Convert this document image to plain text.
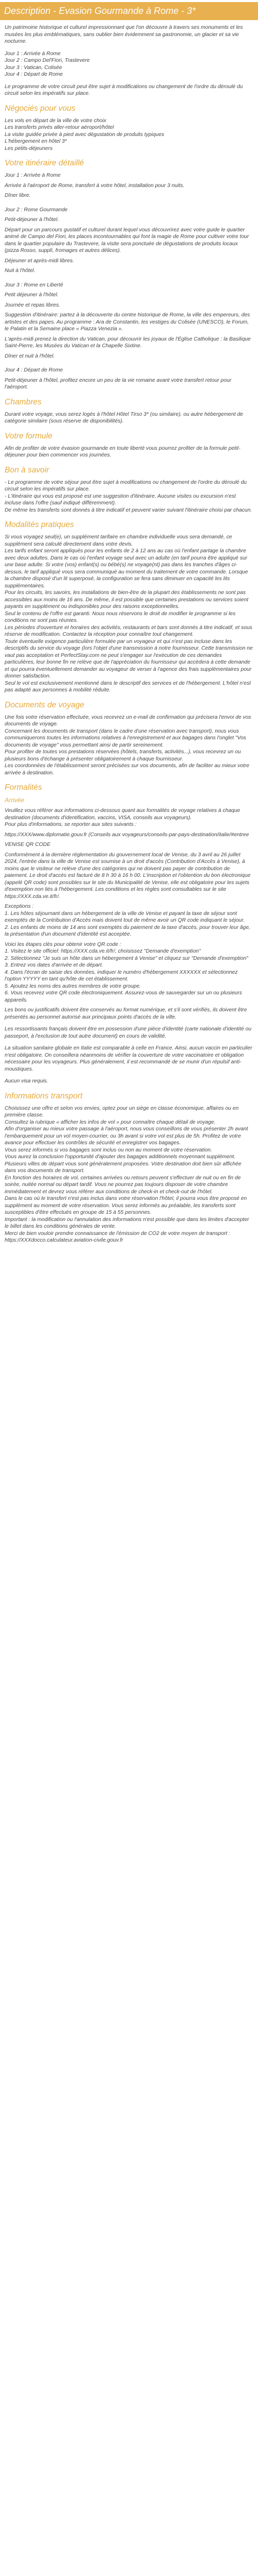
Description - Evasion Gourmande à Rome - 3*

Un patrimoine historique et culturel impressionnant que l'on découvre à travers ses monuments et les musées les plus emblématiques, sans oublier bien évidemment sa gastronomie, un glacier et sa vie nocturne.

Jour 1 : Arrivée à Rome

Jour 2 : Campo Del'Fiori, Trastevere

Jour 3 : Vatican, Colisée

Jour 4 : Départ de Rome

Le programme de votre circuit peut être sujet à modifications ou changement de l'ordre du déroulé du circuit selon les impératifs sur place.

Négociés pour vous

Les vols en départ de la ville de votre choix

Les transferts privés aller-retour aéroport/hôtel

La visite guidée privée à pied avec dégustation de produits typiques

L'hébergement en hôtel 3*

Les petits-déjeuners

Votre itinéraire détaillé

Jour 1 : Arrivée à Rome

Arrivée à l'aéroport de Rome, transfert à votre hôtel, installation pour 3 nuits.

Dîner libre.

Jour 2 : Rome Gourmande

Petit-déjeuner à l'hôtel.

Départ pour un parcours gustatif et culturel durant lequel vous découvrirez avec votre guide le quartier animé de Campo del Fiori, les places incontournables qui font la magie de Rome pour cultiver votre tour dans le quartier populaire du Trastevere, la visite sera ponctuée de dégustations de produits locaux (pizza Rosso, supplì, fromages et autres délices).

Déjeuner et après-midi libres.

Nuit à l'hôtel.

Jour 3 : Rome en Liberté

Petit déjeuner à l'hôtel.

Journée et repas libres.

Suggestion d'itinéraire: partez à la découverte du centre historique de Rome, la ville des empereurs, des artistes et des papes. Au programme : Ara de Constantin, les vestiges du Colisée (UNESCO), le Forum, le Palatin et la Semaine place « Piazza Venezia ».

L'après-midi prenez la direction du Vatican, pour découvrir les joyaux de l'Église Catholique : la Basilique Saint-Pierre, les Musées du Vatican et la Chapelle Sixtine.

Dîner et nuit à l'hôtel.

Jour 4 : Départ de Rome

Petit-déjeuner à l'hôtel, profitez encore un peu de la vie romaine avant votre transfert retour pour l'aéroport.

Chambres

Durant votre voyage, vous serez logés à l'hôtel Hôtel Tirso 3* (ou similaire). ou autre hébergement de catégorie similaire (sous réserve de disponibilités).

Votre formule

Afin de profiter de votre évasion gourmande en toute liberté vous pourrez profiter de la formule petit-déjeuner pour bien commencer vos journées.

Bon à savoir

- Le programme de votre séjour peut être sujet à modifications ou changement de l'ordre du déroulé du circuit selon les impératifs sur place.

- L'itinéraire qui vous est proposé est une suggestion d'itinéraire. Aucune visites ou excursion n'est incluse dans l'offre (sauf indiqué différemment).

De même les transferts sont donnés à titre indicatif et peuvent varier suivant l'itinéraire choisi par chacun.

Modalités pratiques

Si vous voyagez seul(e), un supplément tarifaire en chambre individuelle vous sera demandé, ce supplément sera calculé directement dans votre devis.

Les tarifs enfant seront appliqués pour les enfants de 2 à 12 ans au cas où l'enfant partage la chambre avec deux adultes. Dans le cas où l'enfant voyage seul avec un adulte (en tarif pourra être appliqué sur une base adulte. Si votre (vos) enfant(s) ou bébé(s) ne voyage(nt) pas dans les tranches d'âges ci-dessus, le tarif appliqué vous sera communiqué au moment du traitement de votre commande. Lorsque la chambre disposé d'un lit superposé, la configuration se fera sans diminuer en capacité les lits supplémentaires.

Pour les circuits, les savoirs, les installations de bien-être de la plupart des établissements ne sont pas accessibles aux moins de 16 ans. De même, il est possible que certaines prestations ou services soient payants en supplément ou indisponibles pour des raisons exceptionnelles.

Seul le contenu de l'offre est garanti. Nous nous réservons le droit de modifier le programme si les conditions ne sont pas réunies.

Les périodes d'ouverture et horaires des activités, restaurants et bars sont donnés à titre indicatif, et sous réserve de modification. Contactez la réception pour connaître tout changement.

Toute éventuelle exigence particulière formulée par un voyageur et qui n'est pas incluse dans les descriptifs du service du voyage (lors l'objet d'une transmission à notre fournisseur. Cette transmission ne vaut pas acceptation et PerfectStay.com ne peut s'engager sur l'exécution de ces demandes particulières, leur bonne fin ne relève que de l'appréciation du fournisseur qui accèdera à cette demande et qui pourra éventuellement demander au voyageur de verser à l'agence des frais supplémentaires pour donner satisfaction.

Seul le vol est exclusivement mentionné dans le descriptif des services et de l'hébergement. L'hôtel n'est pas adapté aux personnes à mobilité réduite.

Documents de voyage

Une fois votre réservation effectuée, vous recevrez un e-mail de confirmation qui précisera l'envoi de vos documents de voyage.

Concernant les documents de transport (dans le cadre d'une réservation avec transport), nous vous communiquerons toutes les informations relatives à l'enregistrement et aux bagages dans l'onglet "Vos documents de voyage" vous permettant ainsi de partir sereinement.

Pour profiter de toutes vos prestations réservées (hôtels, transferts, activités...), vous recevrez un ou plusieurs bons d'échange à présenter obligatoirement à chaque fournisseur.

Les coordonnées de l'établissement seront précisées sur vos documents, afin de faciliter au mieux votre arrivée à destination.

Formalités

Arrivée

Veuillez vous référer aux informations ci-dessous quant aux formalités de voyage relatives à chaque destination (documents d'identification, vaccins, VISA, conseils aux voyageurs).

Pour plus d'informations, se reporter aux sites suivants :

https://XXX/www.diplomatie.gouv.fr (Conseils aux voyageurs/conseils-par-pays-destination/italie/#entree

VENISE QR CODE

Conformément à la dernière réglementation du gouvernement local de Venise, du 3 avril au 26 juillet 2024, l'entrée dans la ville de Venise est soumise à un droit d'accès (Contribution d'Accès à Venise), à moins que le visiteur ne relève d'une des catégories qui ne doivent pas payer de contribution de paiement. Le droit d'accès est facturé de 8 h 30 à 16 h 00. L'inscription et l'obtention du bon électronique (appelé QR code) sont possibles sur le site du Municipalité de Venise, elle est obligatoire pour les sujets d'exemption non liés à l'hébergement. Les conditions et les règles sont consultables sur le site https://XXX.cda.ve.it/fr/.

Exceptions :

1. Les hôtes séjournant dans un hébergement de la ville de Venise et payant la taxe de séjour sont exemptés de la Contribution d'Accès mais doivent tout de même avoir un QR code indiquant le séjour.

2. Les enfants de moins de 14 ans sont exemptés du paiement de la taxe d'accès, pour trouver leur âge, la présentation d'un document d'identité est acceptée.

Voici les étapes clés pour obtenir votre QR code :

1. Visitez le site officiel: https://XXX.cda.ve.it/fr/, choisissez "Demande d'exemption"

2. Sélectionnez "Je suis un hôte dans un hébergement à Venise" et cliquez sur "Demande d'exemption"

3. Entrez vos dates d'arrivée et de départ.

4. Dans l'écran de saisie des données, indiquer le numéro d'hébergement XXXXXX et sélectionnez l'option YYYYY en tant qu'hôte de cet établissement.

5. Ajoutez les noms des autres membres de votre groupe.

6. Vous recevrez votre QR code électroniquement. Assurez-vous de sauvegarder sur un ou plusieurs appareils.

Les bons ou justificatifs doivent être conservés au format numérique, et s'il sont vérifiés, ils doivent être présentés au personnel autorisé aux principaux points d'accès de la ville.

Les ressortissants français doivent être en possession d'une pièce d'identité (carte nationale d'identité ou passeport, à l'exclusion de tout autre document) en cours de validité.

La situation sanitaire globale en Italie est comparable à celle en France. Ainsi, aucun vaccin en particulier n'est obligatoire. On conseillera néanmoins de vérifier la couverture de votre vaccinatoire et obligation nécessaire pour les voyageurs. Plus généralement, il est recommandé de se munir d'un répulsif anti-moustiques.

Aucun visa requis.

Informations transport

Choisissez une offre et selon vos envies, optez pour un siège en classe économique, affaires ou en première classe.

Consultez la rubrique « afficher les infos de vol » pour connaître chaque détail de voyage.

Afin d'organiser au mieux votre passage à l'aéroport, nous vous conseillons de vous présenter 2h avant l'embarquement pour un vol moyen-courrier, ou 3h avant si votre vol est plus de 5h. Profitez de votre avance pour effectuer les contrôles de sécurité et enregistrer vos bagages.

Vous serez informés si vos bagages sont inclus ou non au moment de votre réservation.

Vous aurez la conclusion l'opportunité d'ajouter des bagages additionnels moyennant supplément.

Plusieurs villes de départ vous sont généralement proposées. Votre destination doit bien sûr affichée dans vos documents de transport.

En fonction des horaires de vol, certaines arrivées ou retours peuvent s'effectuer de nuit ou en fin de soirée, nuitée normal ou départ tardif. Vous ne pourrez pas toujours disposer de votre chambre immédiatement et devrez vous référer aux conditions de check-in et check-out de l'hôtel.

Dans le cas où le transfert n'est pas inclus dans votre réservation l'hôtel, il pourra vous être proposé en supplément au moment de votre réservation. Vous serez informés au préalable, les transferts sont susceptibles d'être effectués en groupe de 15 à 55 personnes.

Important : la modification ou l'annulation des informations n'est possible que dans les limites d'accepter le billet dans les conditions générales de vente.

Merci de bien vouloir prendre connaissance de l'émission de CO2 de votre moyen de transport : https://XXXdocco.calculateur.aviation-civile.gouv.fr
